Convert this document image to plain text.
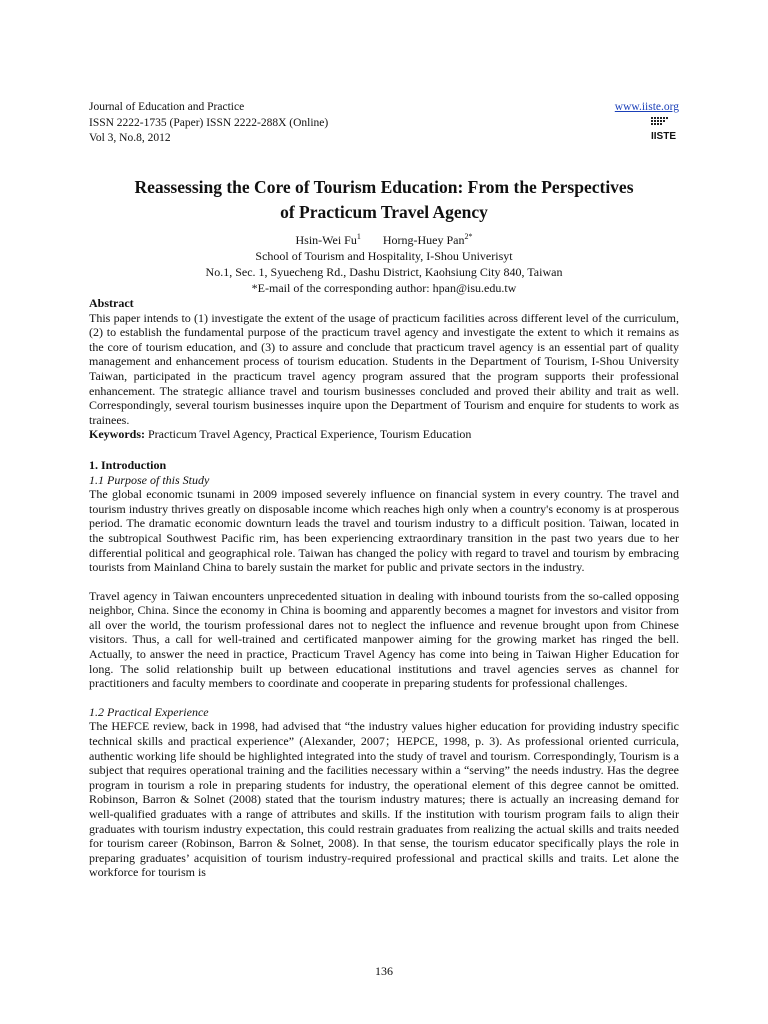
Journal of Education and Practice
ISSN 2222-1735 (Paper) ISSN 2222-288X (Online)
Vol 3, No.8, 2012
www.iiste.org
IISTE
Reassessing the Core of Tourism Education: From the Perspectives
of Practicum Travel Agency
Hsin-Wei Fu$^1$ Horng-Huey Pan$^{2*}$
School of Tourism and Hospitality, I-Shou Univerisyt
No.1, Sec. 1, Syuecheng Rd., Dashu District, Kaohsiung City 840, Taiwan
*E-mail of the corresponding author: hpan@isu.edu.tw

Abstract

This paper intends to (1) investigate the extent of the usage of practicum facilities across different level of the curriculum, (2) to establish the fundamental purpose of the practicum travel agency and investigate the extent to which it remains as the core of tourism education, and (3) to assure and conclude that practicum travel agency is an essential part of quality management and enhancement process of tourism education. Students in the Department of Tourism, I-Shou University Taiwan, participated in the practicum travel agency program assured that the program supports their professional enhancement. The strategic alliance travel and tourism businesses concluded and proved their ability and trait as well. Correspondingly, several tourism businesses inquire upon the Department of Tourism and enquire for students to work as trainees.

Keywords: Practicum Travel Agency, Practical Experience, Tourism Education

1. Introduction

1.1 Purpose of this Study

The global economic tsunami in 2009 imposed severely influence on financial system in every country. The travel and tourism industry thrives greatly on disposable income which reaches high only when a country's economy is at prosperous period. The dramatic economic downturn leads the travel and tourism industry to a difficult position. Taiwan, located in the subtropical Southwest Pacific rim, has been experiencing extraordinary transition in the past two years due to her differential political and geographical role. Taiwan has changed the policy with regard to travel and tourism by embracing tourists from Mainland China to barely sustain the market for public and private sectors in the industry.

Travel agency in Taiwan encounters unprecedented situation in dealing with inbound tourists from the so-called opposing neighbor, China. Since the economy in China is booming and apparently becomes a magnet for investors and visitor from all over the world, the tourism professional dares not to neglect the influence and revenue brought upon from Chinese visitors. Thus, a call for well-trained and certificated manpower aiming for the growing market has ringed the bell. Actually, to answer the need in practice, Practicum Travel Agency has come into being in Taiwan Higher Education for long. The solid relationship built up between educational institutions and travel agencies serves as channel for practitioners and faculty members to coordinate and cooperate in preparing students for professional challenges.

1.2 Practical Experience

The HEFCE review, back in 1998, had advised that “the industry values higher education for providing industry specific technical skills and practical experience” (Alexander, 2007；HEPCE, 1998, p. 3). As professional oriented curricula, authentic working life should be highlighted integrated into the study of travel and tourism. Correspondingly, Tourism is a subject that requires operational training and the facilities necessary within a “serving” the needs industry. Has the degree program in tourism a role in preparing students for industry, the operational element of this degree cannot be omitted. Robinson, Barron & Solnet (2008) stated that the tourism industry matures; there is actually an increasing demand for well-qualified graduates with a range of attributes and skills. If the institution with tourism program fails to align their graduates with tourism industry expectation, this could restrain graduates from realizing the actual skills and traits needed for tourism career (Robinson, Barron & Solnet, 2008). In that sense, the tourism educator specifically plays the role in preparing graduates’ acquisition of tourism industry-required professional and practical skills and traits. Let alone the workforce for tourism is

136
